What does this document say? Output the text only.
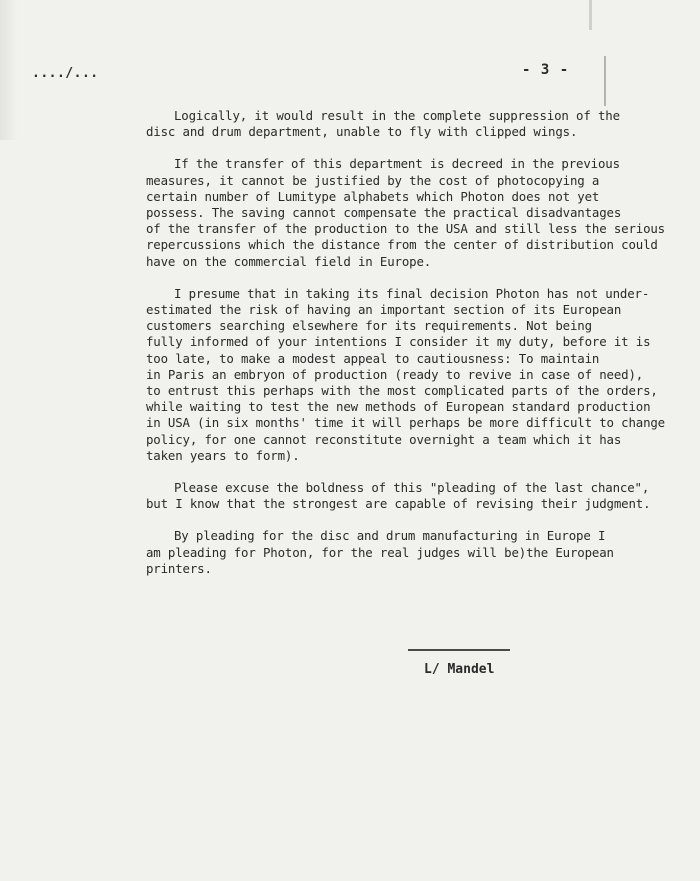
..../...	- 3 -
Logically, it would result in the complete suppression of the
disc and drum department, unable to fly with clipped wings.
If the transfer of this department is decreed in the previous
measures, it cannot be justified by the cost of photocopying a
certain number of Lumitype alphabets which Photon does not yet
possess. The saving cannot compensate the practical disadvantages
of the transfer of the production to the USA and still less the serious
repercussions which the distance from the center of distribution could
have on the commercial field in Europe.
I presume that in taking its final decision Photon has not under-
estimated the risk of having an important section of its European
customers searching elsewhere for its requirements. Not being
fully informed of your intentions I consider it my duty, before it is
too late, to make a modest appeal to cautiousness: To maintain
in Paris an embryon of production (ready to revive in case of need),
to entrust this perhaps with the most complicated parts of the orders,
while waiting to test the new methods of European standard production
in USA (in six months' time it will perhaps be more difficult to change
policy, for one cannot reconstitute overnight a team which it has
taken years to form).
Please excuse the boldness of this "pleading of the last chance",
but I know that the strongest are capable of revising their judgment.
By pleading for the disc and drum manufacturing in Europe I
am pleading for Photon, for the real judges will be)the European
printers.
L/ Mandel
